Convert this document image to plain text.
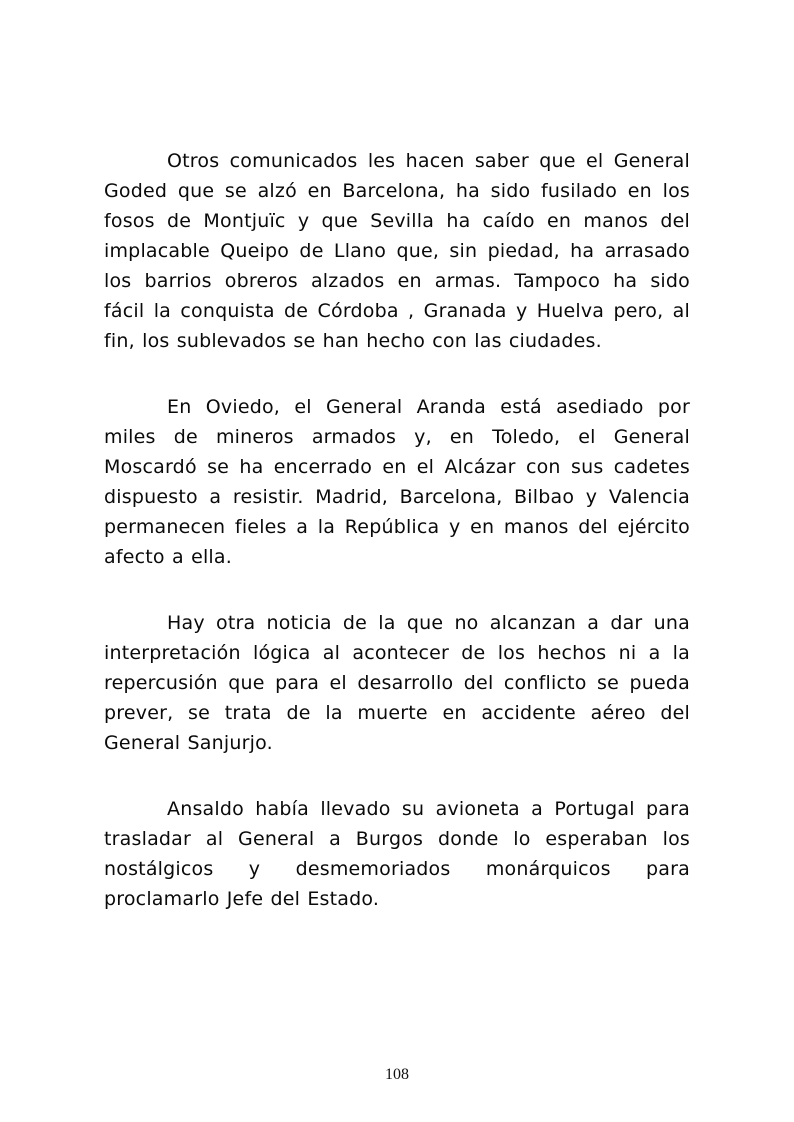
Otros comunicados les hacen saber que el General Goded que se alzó en Barcelona, ha sido fusilado en los fosos de Montjuïc y que Sevilla ha caído en manos del implacable Queipo de Llano que, sin piedad, ha arrasado los barrios obreros alzados en armas. Tampoco ha sido fácil la conquista de Córdoba , Granada y Huelva pero, al fin, los sublevados se han hecho con las ciudades.

En Oviedo, el General Aranda está asediado por miles de mineros armados y, en Toledo, el General Moscardó se ha encerrado en el Alcázar con sus cadetes dispuesto a resistir. Madrid, Barcelona, Bilbao y Valencia permanecen fieles a la República y en manos del ejército afecto a ella.

Hay otra noticia de la que no alcanzan a dar una interpretación lógica al acontecer de los hechos ni a la repercusión que para el desarrollo del conflicto se pueda prever, se trata de la muerte en accidente aéreo del General Sanjurjo.

Ansaldo había llevado su avioneta a Portugal para trasladar al General a Burgos donde lo esperaban los nostálgicos y desmemoriados monárquicos para proclamarlo Jefe del Estado.

108
